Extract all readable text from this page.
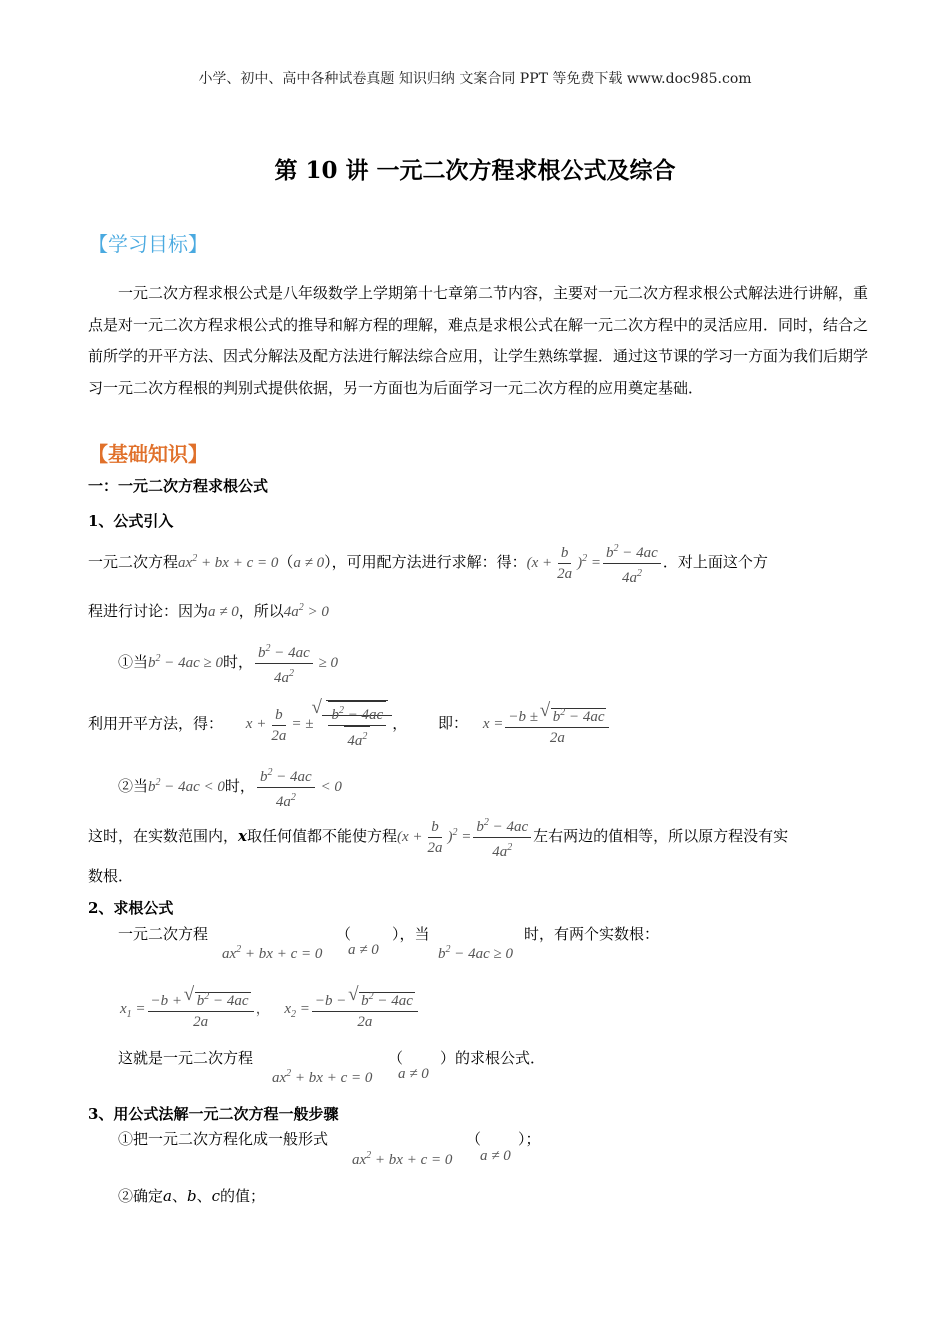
小学、初中、高中各种试卷真题 知识归纳 文案合同 PPT 等免费下载 www.doc985.com
第 10 讲 一元二次方程求根公式及综合
【学习目标】

一元二次方程求根公式是八年级数学上学期第十七章第二节内容，主要对一元二次方程求根公式解法进行讲解，重点是对一元二次方程求根公式的推导和解方程的理解，难点是求根公式在解一元二次方程中的灵活应用．同时，结合之前所学的开平方法、因式分解法及配方法进行解法综合应用，让学生熟练掌握．通过这节课的学习一方面为我们后期学习一元二次方程根的判别式提供依据，另一方面也为后面学习一元二次方程的应用奠定基础．

【基础知识】
一：一元二次方程求根公式
1、公式引入
一元二次方程$ax^2$ + bx + c = 0（a ≠ 0），可用配方法进行求解：得：$(x + \frac{b}{2a} )^2 = \frac{b^2 - 4ac}{4a^2}$ ．对上面这个方
程进行讨论：因为a ≠ 0，所以$4a^2 > 0$
①当$b^2 - 4ac \ge 0$时， $\frac{b^2 - 4ac}{4a^2} \ge 0$
利用开平方法，得： $x + \frac{b}{2a}$ = ±
√ $\frac{b^2 - 4ac}{4a^2}$ ， 即： $x = \frac{-b \pm √ b^2 - 4ac}{2a}$
②当$b^2 - 4ac < 0$时， $\frac{b^2 - 4ac}{4a^2} < 0$
这时，在实数范围内，x取任何值都不能使方程$(x + \frac{b}{2a} )^2 = \frac{b^2 - 4ac}{4a^2}$ 左右两边的值相等，所以原方程没有实
数根．
2、求根公式
一元二次方程
$ax^2$ + bx + c = 0
（
a ≠ 0
），当
$b^2 - 4ac \ge 0$
时，有两个实数根：
$x_1 = \frac{-b + √ b^2 - 4ac}{2a}$ ， $x_2 = \frac{-b - √ b^2 - 4ac}{2a}$
这就是一元二次方程
$ax^2$ + bx + c = 0
（
a ≠ 0
）的求根公式．
3、用公式法解一元二次方程一般步骤
①把一元二次方程化成一般形式
$ax^2$ + bx + c = 0
（
a ≠ 0
）；
②确定a、b、c的值；
